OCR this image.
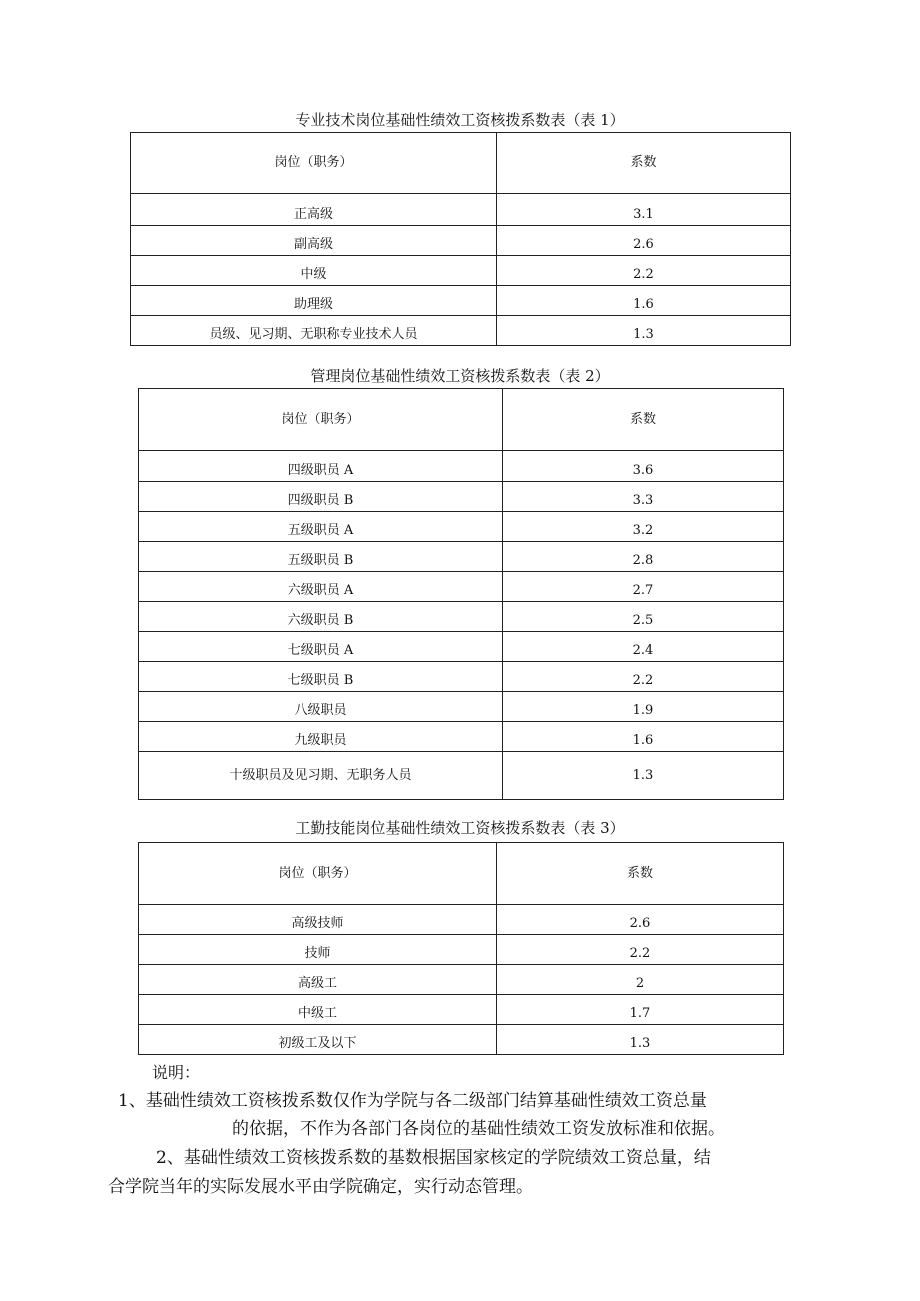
专业技术岗位基础性绩效工资核拨系数表（表 1）
岗位（职务）	系数
正高级	3.1
副高级	2.6
中级	2.2
助理级	1.6
员级、见习期、无职称专业技术人员	1.3
管理岗位基础性绩效工资核拨系数表（表 2）
岗位（职务）	系数
四级职员 A	3.6
四级职员 B	3.3
五级职员 A	3.2
五级职员 B	2.8
六级职员 A	2.7
六级职员 B	2.5
七级职员 A	2.4
七级职员 B	2.2
八级职员	1.9
九级职员	1.6
十级职员及见习期、无职务人员	1.3
工勤技能岗位基础性绩效工资核拨系数表（表 3）
岗位（职务）	系数
高级技师	2.6
技师	2.2
高级工	2
中级工	1.7
初级工及以下	1.3
说明：
1、基础性绩效工资核拨系数仅作为学院与各二级部门结算基础性绩效工资总量
的依据，不作为各部门各岗位的基础性绩效工资发放标准和依据。
2、基础性绩效工资核拨系数的基数根据国家核定的学院绩效工资总量，结
合学院当年的实际发展水平由学院确定，实行动态管理。
